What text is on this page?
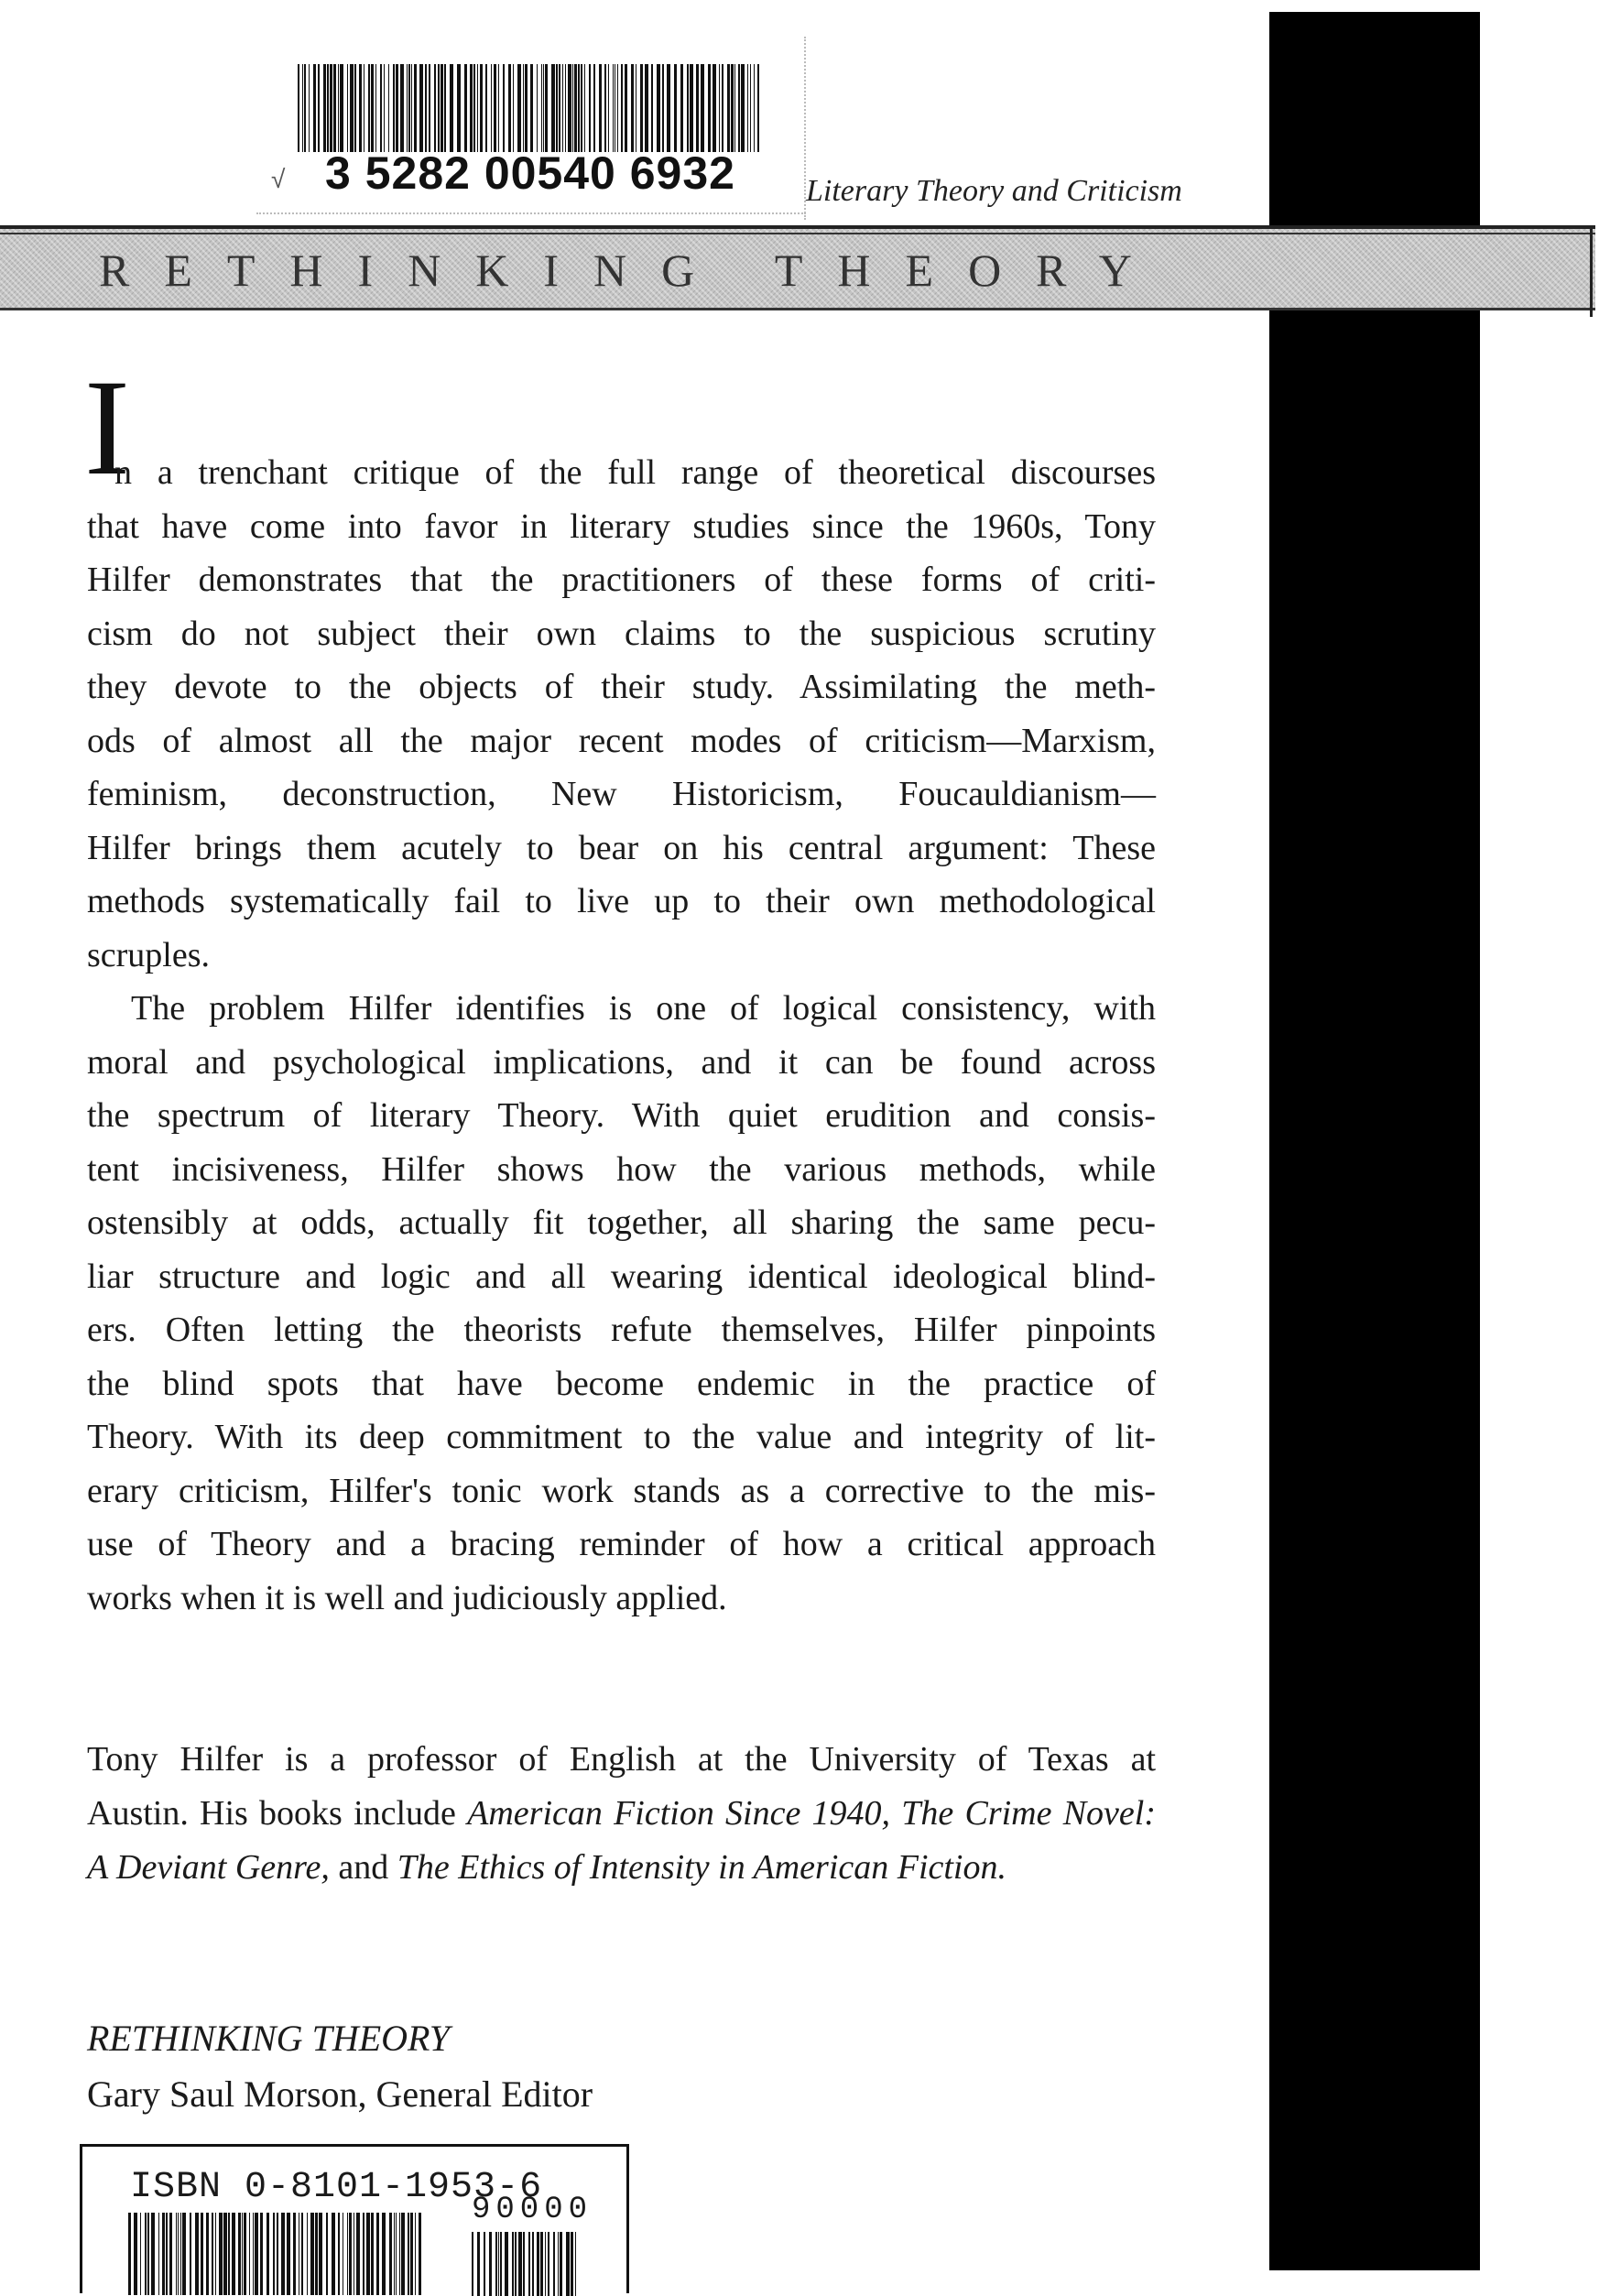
√ 3 5282 00540 6932	Literary Theory and Criticism
RETHINKING THEORY
I
n a trenchant critique of the full range of theoretical discourses
that have come into favor in literary studies since the 1960s, Tony
Hilfer demonstrates that the practitioners of these forms of criti-
cism do not subject their own claims to the suspicious scrutiny
they devote to the objects of their study. Assimilating the meth-
ods of almost all the major recent modes of criticism—Marxism,
feminism, deconstruction, New Historicism, Foucauldianism—
Hilfer brings them acutely to bear on his central argument: These
methods systematically fail to live up to their own methodological
scruples.
The problem Hilfer identifies is one of logical consistency, with
moral and psychological implications, and it can be found across
the spectrum of literary Theory. With quiet erudition and consis-
tent incisiveness, Hilfer shows how the various methods, while
ostensibly at odds, actually fit together, all sharing the same pecu-
liar structure and logic and all wearing identical ideological blind-
ers. Often letting the theorists refute themselves, Hilfer pinpoints
the blind spots that have become endemic in the practice of
Theory. With its deep commitment to the value and integrity of lit-
erary criticism, Hilfer's tonic work stands as a corrective to the mis-
use of Theory and a bracing reminder of how a critical approach
works when it is well and judiciously applied.
Tony Hilfer is a professor of English at the University of Texas at
Austin. His books include American Fiction Since 1940, The Crime Novel:
A Deviant Genre, and The Ethics of Intensity in American Fiction.
RETHINKING THEORY
Gary Saul Morson, General Editor
ISBN 0-8101-1953-6
90000
